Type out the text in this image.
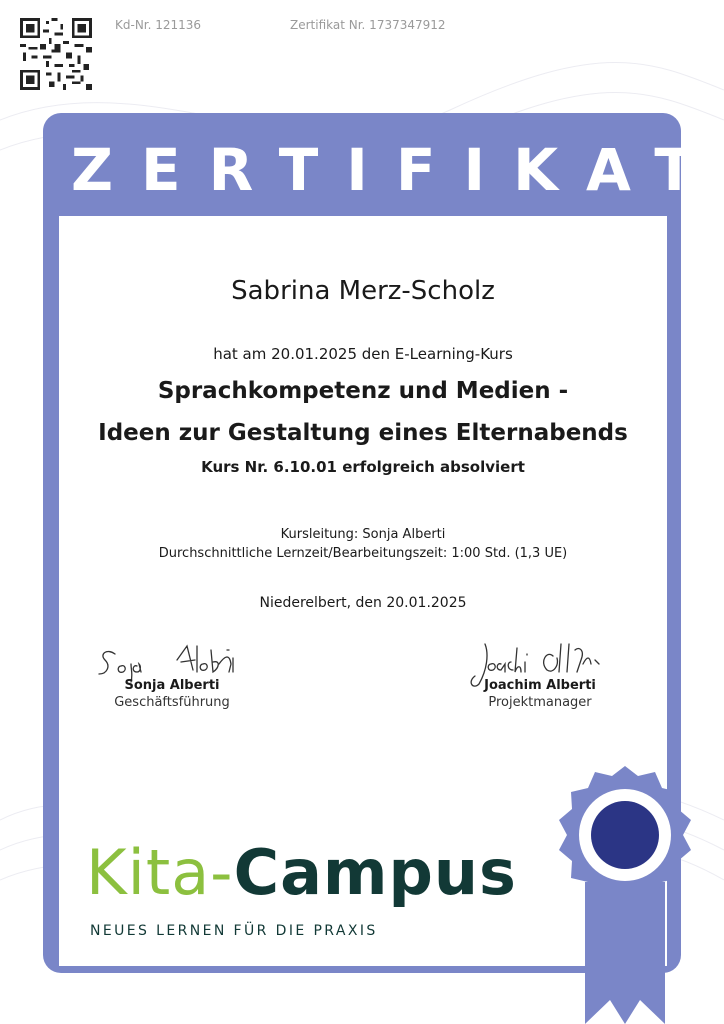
Kd-Nr. 121136	Zertifikat Nr. 1737347912
ZERTIFIKAT
Sabrina Merz-Scholz
hat am 20.01.2025 den E-Learning-Kurs
Sprachkompetenz und Medien -
Ideen zur Gestaltung eines Elternabends
Kurs Nr. 6.10.01 erfolgreich absolviert
Kursleitung: Sonja Alberti
Durchschnittliche Lernzeit/Bearbeitungszeit: 1:00 Std. (1,3 UE)
Niederelbert, den 20.01.2025
Sonja Alberti
Geschäftsführung
Joachim Alberti
Projektmanager
Kita-Campus
NEUES LERNEN FÜR DIE PRAXIS
